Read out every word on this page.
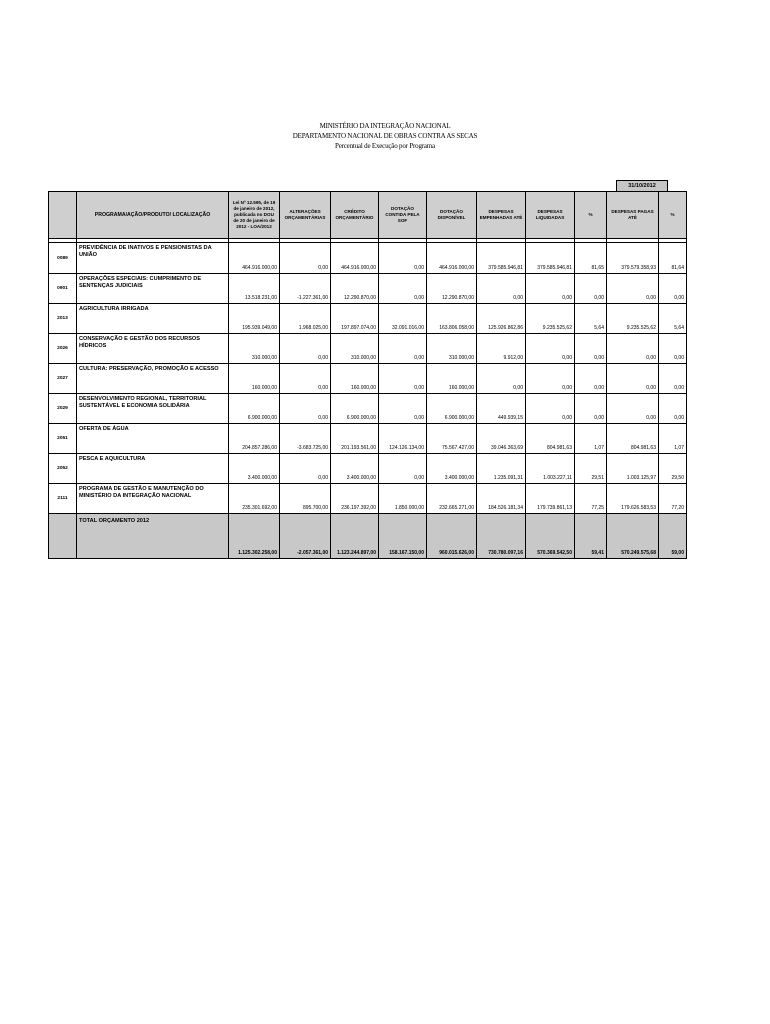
MINISTÉRIO DA INTEGRAÇÃO NACIONAL
DEPARTAMENTO NACIONAL DE OBRAS CONTRA AS SECAS
Percentual de Execução por Programa
31/10/2012
	PROGRAMA/AÇÃO/PRODUTO/ LOCALIZAÇÃO	Lei Nº 12.595, de 19 de janeiro de 2012, publicada no DOU de 20 de janeiro de 2012 - LOA/2012	ALTERAÇÕES ORÇAMENTÁRIAS	CRÉDITO ORÇAMENTÁRIO	DOTAÇÃO CONTIDA PELA SOF	DOTAÇÃO DISPONÍVEL	DESPESAS EMPENHADAS ATÉ	DESPESAS LIQUIDADAS	%	DESPESAS PAGAS ATÉ	%

0089	PREVIDÊNCIA DE INATIVOS E PENSIONISTAS DA UNIÃO	464.916.000,00	0,00	464.916.000,00	0,00	464.916.000,00	379.585.946,81	379.585.946,81	81,65	379.579.358,93	81,64
0901	OPERAÇÕES ESPECIAIS: CUMPRIMENTO DE SENTENÇAS JUDICIAIS	13.518.231,00	-1.227.361,00	12.290.870,00	0,00	12.290.870,00	0,00	0,00	0,00	0,00	0,00
2013	AGRICULTURA IRRIGADA	195.939.049,00	1.968.025,00	197.897.074,00	32.091.016,00	163.806.058,00	125.926.862,86	9.235.525,62	5,64	9.235.525,62	5,64
2026	CONSERVAÇÃO E GESTÃO DOS RECURSOS HÍDRICOS	310.000,00	0,00	310.000,00	0,00	310.000,00	9.912,00	0,00	0,00	0,00	0,00
2027	CULTURA: PRESERVAÇÃO, PROMOÇÃO E ACESSO	160.000,00	0,00	160.000,00	0,00	160.000,00	0,00	0,00	0,00	0,00	0,00
2029	DESENVOLVIMENTO REGIONAL, TERRITORIAL SUSTENTÁVEL E ECONOMIA SOLIDÁRIA	6.900.000,00	0,00	6.900.000,00	0,00	6.900.000,00	449.939,15	0,00	0,00	0,00	0,00
2051	OFERTA DE ÁGUA	204.857.286,00	-3.683.725,00	201.193.561,00	124.126.134,00	75.567.427,00	39.046.363,69	804.981,63	1,07	804.981,63	1,07
2052	PESCA E AQUICULTURA	3.400.000,00	0,00	3.400.000,00	0,00	3.400.000,00	1.235.091,31	1.003.227,11	29,51	1.003.125,97	29,50
2111	PROGRAMA DE GESTÃO E MANUTENÇÃO DO MINISTÉRIO DA INTEGRAÇÃO NACIONAL	235.301.692,00	895.700,00	236.197.392,00	1.850.000,00	232.665.271,00	184.526.181,34	179.739.861,13	77,25	179.626.583,53	77,20
	TOTAL ORÇAMENTO 2012	1.125.302.258,00	-2.057.361,00	1.123.244.897,00	158.167.150,00	960.015.626,00	730.780.097,16	570.369.542,50	59,41	570.249.575,68	59,00
